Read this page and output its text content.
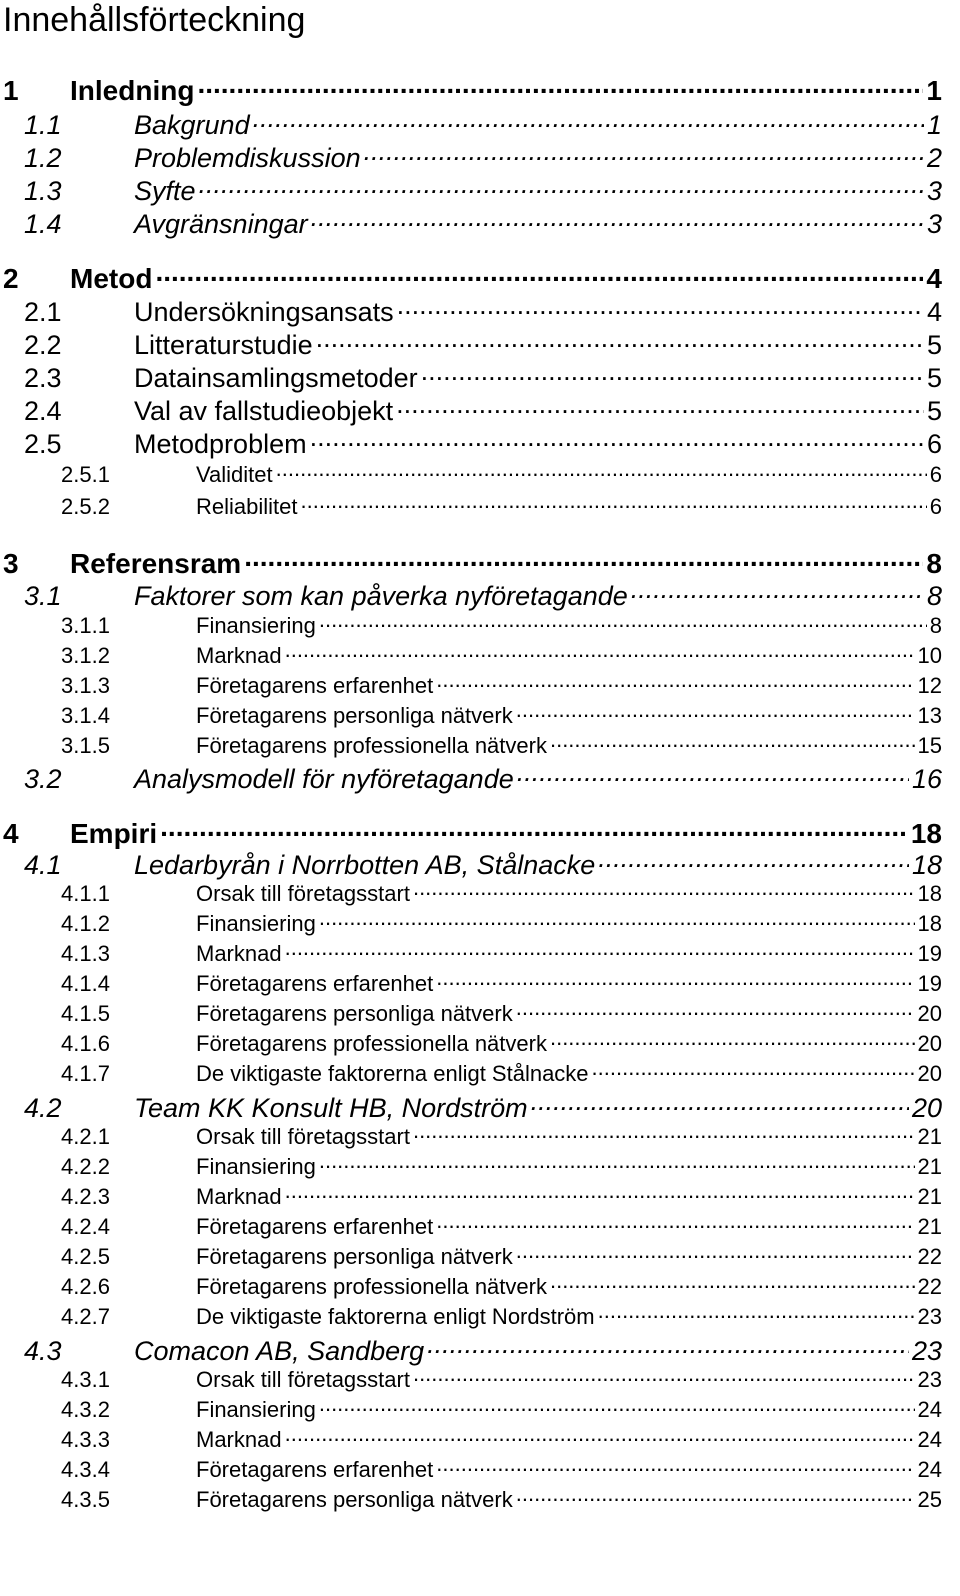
Innehållsförteckning
1	Inledning .....	1
1.1	Bakgrund .....	1
1.2	Problemdiskussion .....	2
1.3	Syfte .....	3
1.4	Avgränsningar .....	3
2	Metod .....	4
2.1	Undersökningsansats .....	4
2.2	Litteraturstudie .....	5
2.3	Datainsamlingsmetoder .....	5
2.4	Val av fallstudieobjekt .....	5
2.5	Metodproblem .....	6
2.5.1	Validitet .....	6
2.5.2	Reliabilitet .....	6
3	Referensram .....	8
3.1	Faktorer som kan påverka nyföretagande .....	8
3.1.1	Finansiering .....	8
3.1.2	Marknad .....	10
3.1.3	Företagarens erfarenhet .....	12
3.1.4	Företagarens personliga nätverk .....	13
3.1.5	Företagarens professionella nätverk .....	15
3.2	Analysmodell för nyföretagande .....	16
4	Empiri .....	18
4.1	Ledarbyrån i Norrbotten AB, Stålnacke .....	18
4.1.1	Orsak till företagsstart .....	18
4.1.2	Finansiering .....	18
4.1.3	Marknad .....	19
4.1.4	Företagarens erfarenhet .....	19
4.1.5	Företagarens personliga nätverk .....	20
4.1.6	Företagarens professionella nätverk .....	20
4.1.7	De viktigaste faktorerna enligt Stålnacke .....	20
4.2	Team KK Konsult HB, Nordström .....	20
4.2.1	Orsak till företagsstart .....	21
4.2.2	Finansiering .....	21
4.2.3	Marknad .....	21
4.2.4	Företagarens erfarenhet .....	21
4.2.5	Företagarens personliga nätverk .....	22
4.2.6	Företagarens professionella nätverk .....	22
4.2.7	De viktigaste faktorerna enligt Nordström .....	23
4.3	Comacon AB, Sandberg .....	23
4.3.1	Orsak till företagsstart .....	23
4.3.2	Finansiering .....	24
4.3.3	Marknad .....	24
4.3.4	Företagarens erfarenhet .....	24
4.3.5	Företagarens personliga nätverk .....	25
